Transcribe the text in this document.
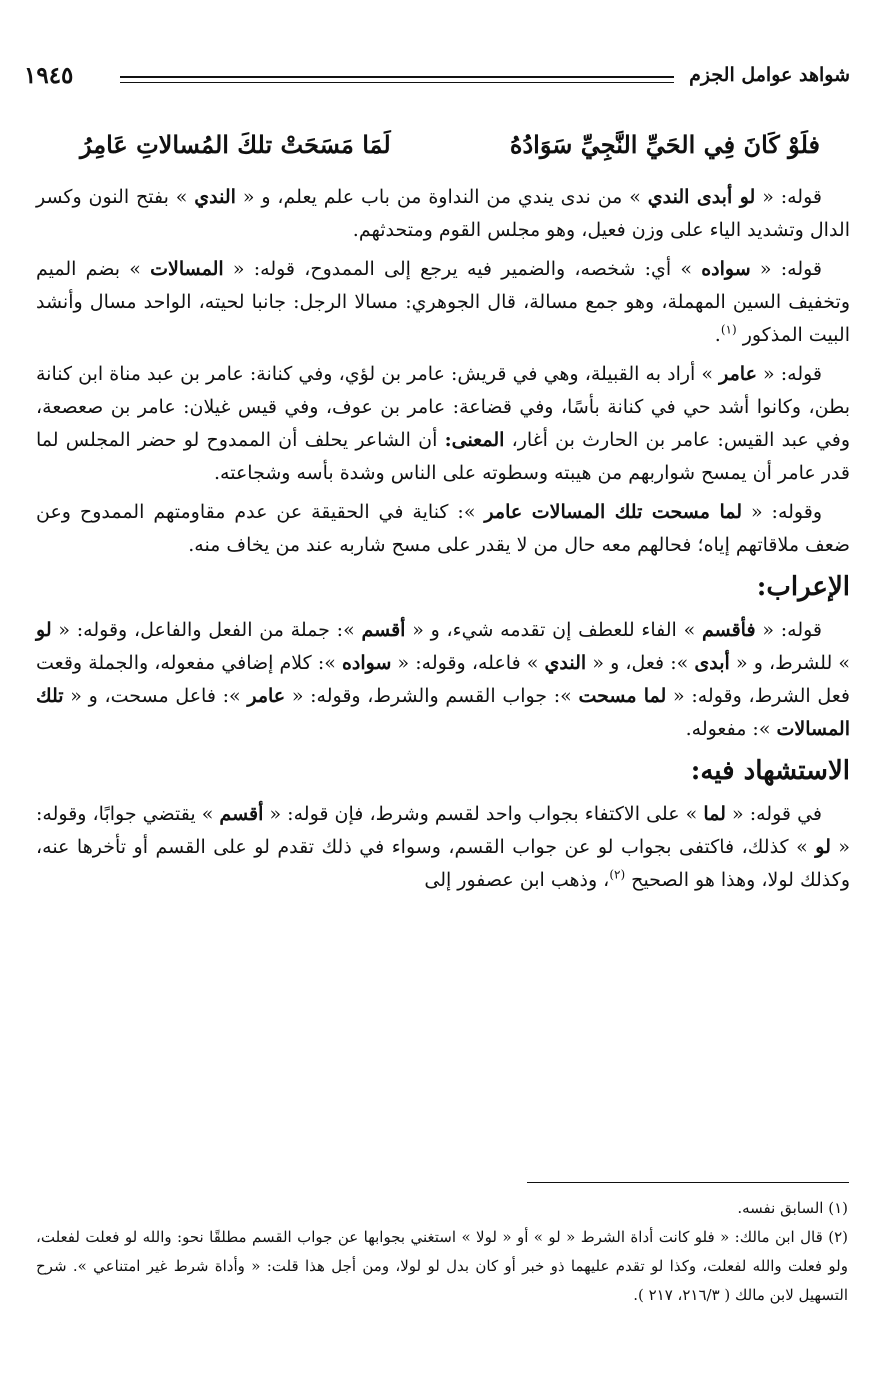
شواهد عوامل الجزم
١٩٤٥
فلَوْ كَانَ فِي الحَيِّ النَّجِيِّ سَوَادُهُ
لَمَا مَسَحَتْ تلكَ المُسالاتِ عَامِرُ

قوله: « لو أبدى الندي » من ندى يندي من النداوة من باب علم يعلم، و « الندي » بفتح النون وكسر الدال وتشديد الياء على وزن فعيل، وهو مجلس القوم ومتحدثهم.

قوله: « سواده » أي: شخصه، والضمير فيه يرجع إلى الممدوح، قوله: « المسالات » بضم الميم وتخفيف السين المهملة، وهو جمع مسالة، قال الجوهري: مسالا الرجل: جانبا لحيته، الواحد مسال وأنشد البيت المذكور $^{(١)}$.

قوله: « عامر » أراد به القبيلة، وهي في قريش: عامر بن لؤي، وفي كنانة: عامر بن عبد مناة ابن كنانة بطن، وكانوا أشد حي في كنانة بأسًا، وفي قضاعة: عامر بن عوف، وفي قيس غيلان: عامر بن صعصعة، وفي عبد القيس: عامر بن الحارث بن أغار، المعنى: أن الشاعر يحلف أن الممدوح لو حضر المجلس لما قدر عامر أن يمسح شواربهم من هيبته وسطوته على الناس وشدة بأسه وشجاعته.

وقوله: « لما مسحت تلك المسالات عامر »: كناية في الحقيقة عن عدم مقاومتهم الممدوح وعن ضعف ملاقاتهم إياه؛ فحالهم معه حال من لا يقدر على مسح شاربه عند من يخاف منه.

الإعراب:

قوله: « فأقسم » الفاء للعطف إن تقدمه شيء، و « أقسم »: جملة من الفعل والفاعل، وقوله: « لو » للشرط، و « أبدى »: فعل، و « الندي » فاعله، وقوله: « سواده »: كلام إضافي مفعوله، والجملة وقعت فعل الشرط، وقوله: « لما مسحت »: جواب القسم والشرط، وقوله: « عامر »: فاعل مسحت، و « تلك المسالات »: مفعوله.

الاستشهاد فيه:

في قوله: « لما » على الاكتفاء بجواب واحد لقسم وشرط، فإن قوله: « أقسم » يقتضي جوابًا، وقوله: « لو » كذلك، فاكتفى بجواب لو عن جواب القسم، وسواء في ذلك تقدم لو على القسم أو تأخرها عنه، وكذلك لولا، وهذا هو الصحيح $^{(٢)}$، وذهب ابن عصفور إلى

(١) السابق نفسه.

(٢) قال ابن مالك: « فلو كانت أداة الشرط « لو » أو « لولا » استغني بجوابها عن جواب القسم مطلقًا نحو: والله لو فعلت لفعلت، ولو فعلت والله لفعلت، وكذا لو تقدم عليهما ذو خبر أو كان بدل لو لولا، ومن أجل هذا قلت: « وأداة شرط غير امتناعي ». شرح التسهيل لابن مالك ( ٢١٦/٣، ٢١٧ ).
